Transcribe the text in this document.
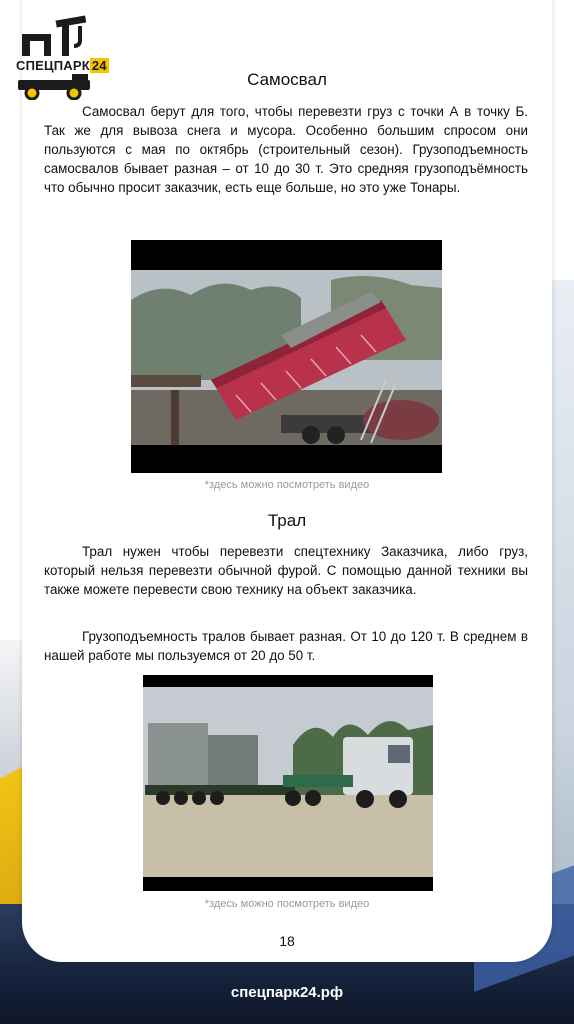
СПЕЦПАРК 24
Самосвал

Самосвал берут для того, чтобы перевезти груз с точки А в точку Б. Так же для вывоза снега и мусора. Особенно большим спросом они пользуются с мая по октябрь (строительный сезон). Грузоподъемность самосвалов бывает разная – от 10 до 30 т. Это средняя грузоподъёмность что обычно просит заказчик, есть еще больше, но это уже Тонары.

*здесь можно посмотреть видео
Трал

Трал нужен чтобы перевезти спецтехнику Заказчика, либо груз, который нельзя перевезти обычной фурой. С помощью данной техники вы также можете перевести свою технику на объект заказчика.

Грузоподъемность тралов бывает разная. От 10 до 120 т. В среднем в нашей работе мы пользуемся от 20 до 50 т.

*здесь можно посмотреть видео
18
спецпарк24.рф
